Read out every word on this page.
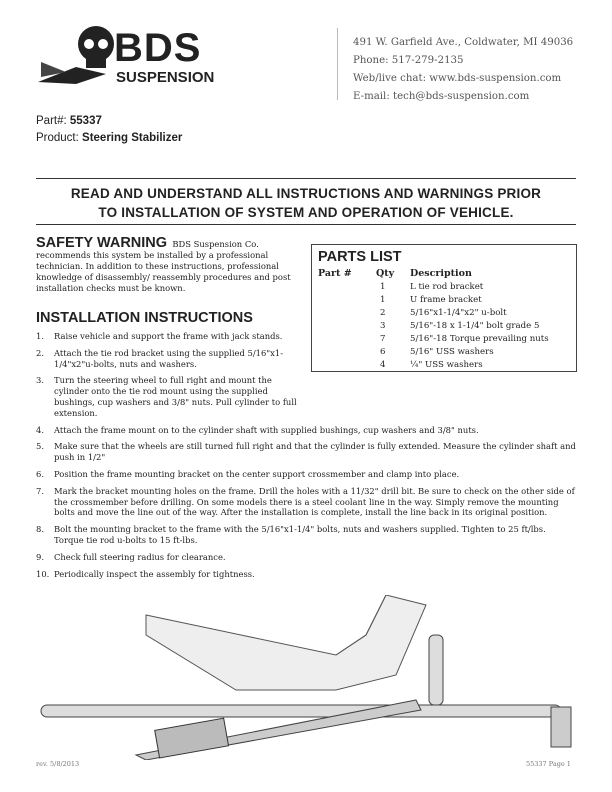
BDS
SUSPENSION
491 W. Garfield Ave., Coldwater, MI 49036
Phone: 517-279-2135
Web/live chat: www.bds-suspension.com
E-mail: tech@bds-suspension.com
Part#: 55337
Product: Steering Stabilizer
READ AND UNDERSTAND ALL INSTRUCTIONS AND WARNINGS PRIOR
TO INSTALLATION OF SYSTEM AND OPERATION OF VEHICLE.
SAFETY WARNING BDS Suspension Co. recommends this system be installed by a professional technician. In addition to these instructions, professional knowledge of disassembly/ reassembly procedures and post installation checks must be known.
PARTS LIST
Part #	Qty	Description
	1	L tie rod bracket
	1	U frame bracket
	2	5/16"x1-1/4"x2" u-bolt
	3	5/16"-18 x 1-1/4" bolt grade 5
	7	5/16"-18 Torque prevailing nuts
	6	5/16" USS washers
	4	¼" USS washers
INSTALLATION INSTRUCTIONS
1.	Raise vehicle and support the frame with jack stands.
2.	Attach the tie rod bracket using the supplied 5/16"x1-1/4"x2"u-bolts, nuts and washers.
3.	Turn the steering wheel to full right and mount the cylinder onto the tie rod mount using the supplied bushings, cup washers and 3/8" nuts. Pull cylinder to full extension.
4.	Attach the frame mount on to the cylinder shaft with supplied bushings, cup washers and 3/8" nuts.
5.	Make sure that the wheels are still turned full right and that the cylinder is fully extended. Measure the cylinder shaft and push in 1/2"
6.	Position the frame mounting bracket on the center support crossmember and clamp into place.
7.	Mark the bracket mounting holes on the frame. Drill the holes with a 11/32" drill bit. Be sure to check on the other side of the crossmember before drilling. On some models there is a steel coolant line in the way. Simply remove the mounting bolts and move the line out of the way. After the installation is complete, install the line back in its original position.
8.	Bolt the mounting bracket to the frame with the 5/16"x1-1/4" bolts, nuts and washers supplied. Tighten to 25 ft/lbs. Torque tie rod u-bolts to 15 ft-lbs.
9.	Check full steering radius for clearance.
10. Periodically inspect the assembly for tightness.
rev. 5/8/2013	55337 Page 1
